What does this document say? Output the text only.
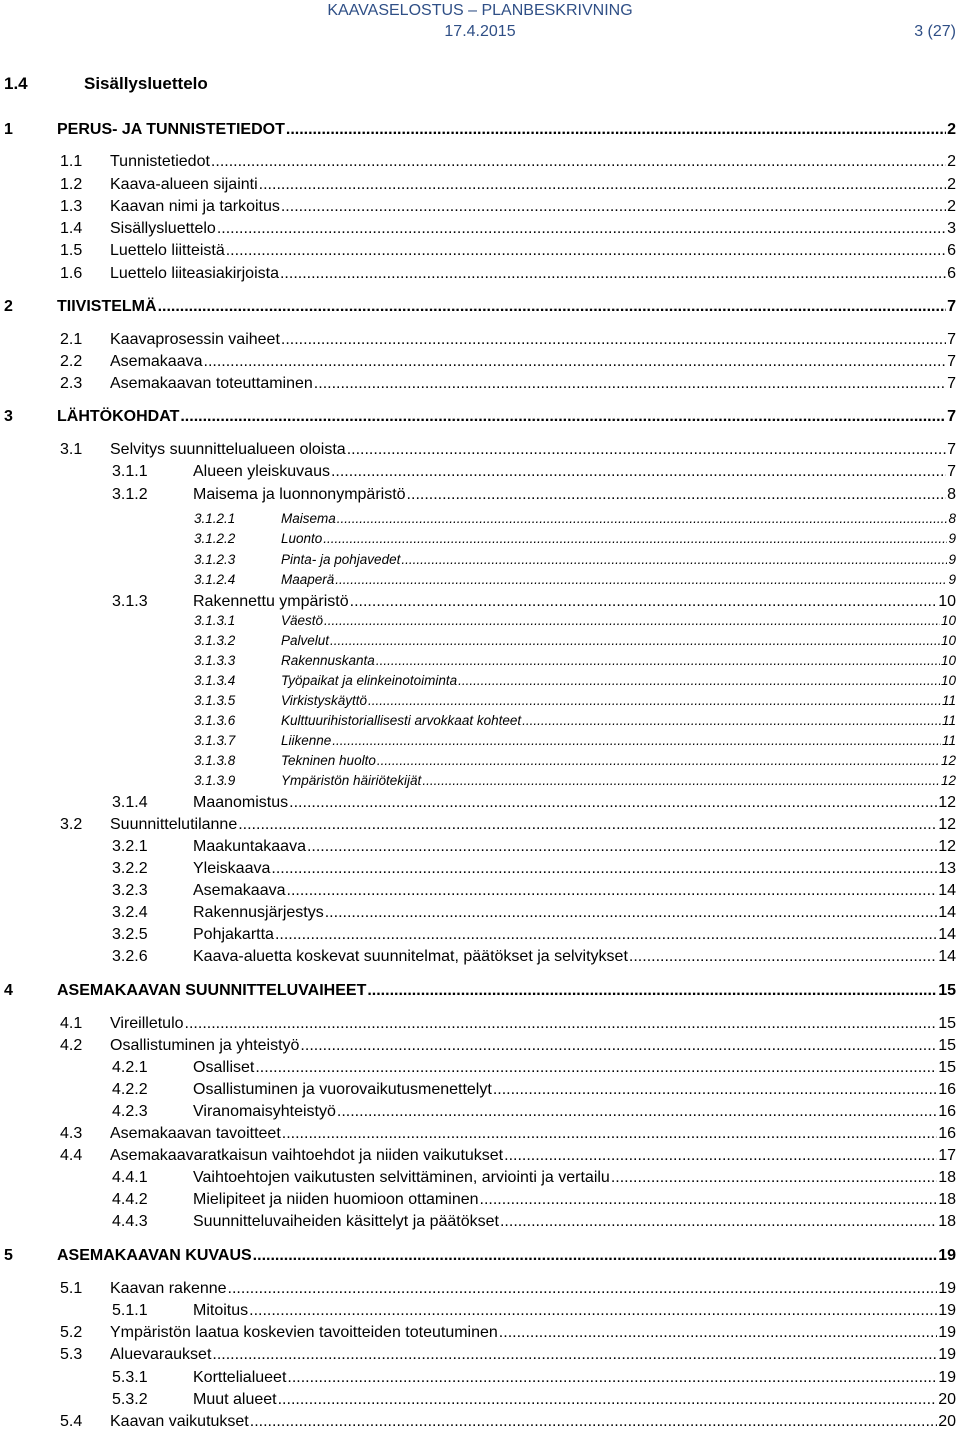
KAAVASELOSTUS – PLANBESKRIVNING
17.4.2015	3 (27)
1.4	Sisällysluettelo
1	PERUS- JA TUNNISTETIEDOT .....	2
1.1	Tunnistetiedot .....	2
1.2	Kaava-alueen sijainti .....	2
1.3	Kaavan nimi ja tarkoitus .....	2
1.4	Sisällysluettelo .....	3
1.5	Luettelo liitteistä .....	6
1.6	Luettelo liiteasiakirjoista .....	6
2	TIIVISTELMÄ .....	7
2.1	Kaavaprosessin vaiheet .....	7
2.2	Asemakaava .....	7
2.3	Asemakaavan toteuttaminen .....	7
3	LÄHTÖKOHDAT .....	7
3.1	Selvitys suunnittelualueen oloista .....	7
3.1.1	Alueen yleiskuvaus .....	7
3.1.2	Maisema ja luonnonympäristö .....	8
3.1.2.1	Maisema .....	8
3.1.2.2	Luonto .....	9
3.1.2.3	Pinta- ja pohjavedet .....	9
3.1.2.4	Maaperä .....	9
3.1.3	Rakennettu ympäristö .....	10
3.1.3.1	Väestö .....	10
3.1.3.2	Palvelut .....	10
3.1.3.3	Rakennuskanta .....	10
3.1.3.4	Työpaikat ja elinkeinotoiminta .....	10
3.1.3.5	Virkistyskäyttö .....	11
3.1.3.6	Kulttuurihistoriallisesti arvokkaat kohteet .....	11
3.1.3.7	Liikenne .....	11
3.1.3.8	Tekninen huolto .....	12
3.1.3.9	Ympäristön häiriötekijät .....	12
3.1.4	Maanomistus .....	12
3.2	Suunnittelutilanne .....	12
3.2.1	Maakuntakaava .....	12
3.2.2	Yleiskaava .....	13
3.2.3	Asemakaava .....	14
3.2.4	Rakennusjärjestys .....	14
3.2.5	Pohjakartta .....	14
3.2.6	Kaava-aluetta koskevat suunnitelmat, päätökset ja selvitykset .....	14
4	ASEMAKAAVAN SUUNNITTELUVAIHEET .....	15
4.1	Vireilletulo .....	15
4.2	Osallistuminen ja yhteistyö .....	15
4.2.1	Osalliset .....	15
4.2.2	Osallistuminen ja vuorovaikutusmenettelyt .....	16
4.2.3	Viranomaisyhteistyö .....	16
4.3	Asemakaavan tavoitteet .....	16
4.4	Asemakaavaratkaisun vaihtoehdot ja niiden vaikutukset .....	17
4.4.1	Vaihtoehtojen vaikutusten selvittäminen, arviointi ja vertailu .....	18
4.4.2	Mielipiteet ja niiden huomioon ottaminen .....	18
4.4.3	Suunnitteluvaiheiden käsittelyt ja päätökset .....	18
5	ASEMAKAAVAN KUVAUS .....	19
5.1	Kaavan rakenne .....	19
5.1.1	Mitoitus .....	19
5.2	Ympäristön laatua koskevien tavoitteiden toteutuminen .....	19
5.3	Aluevaraukset .....	19
5.3.1	Korttelialueet .....	19
5.3.2	Muut alueet .....	20
5.4	Kaavan vaikutukset .....	20
